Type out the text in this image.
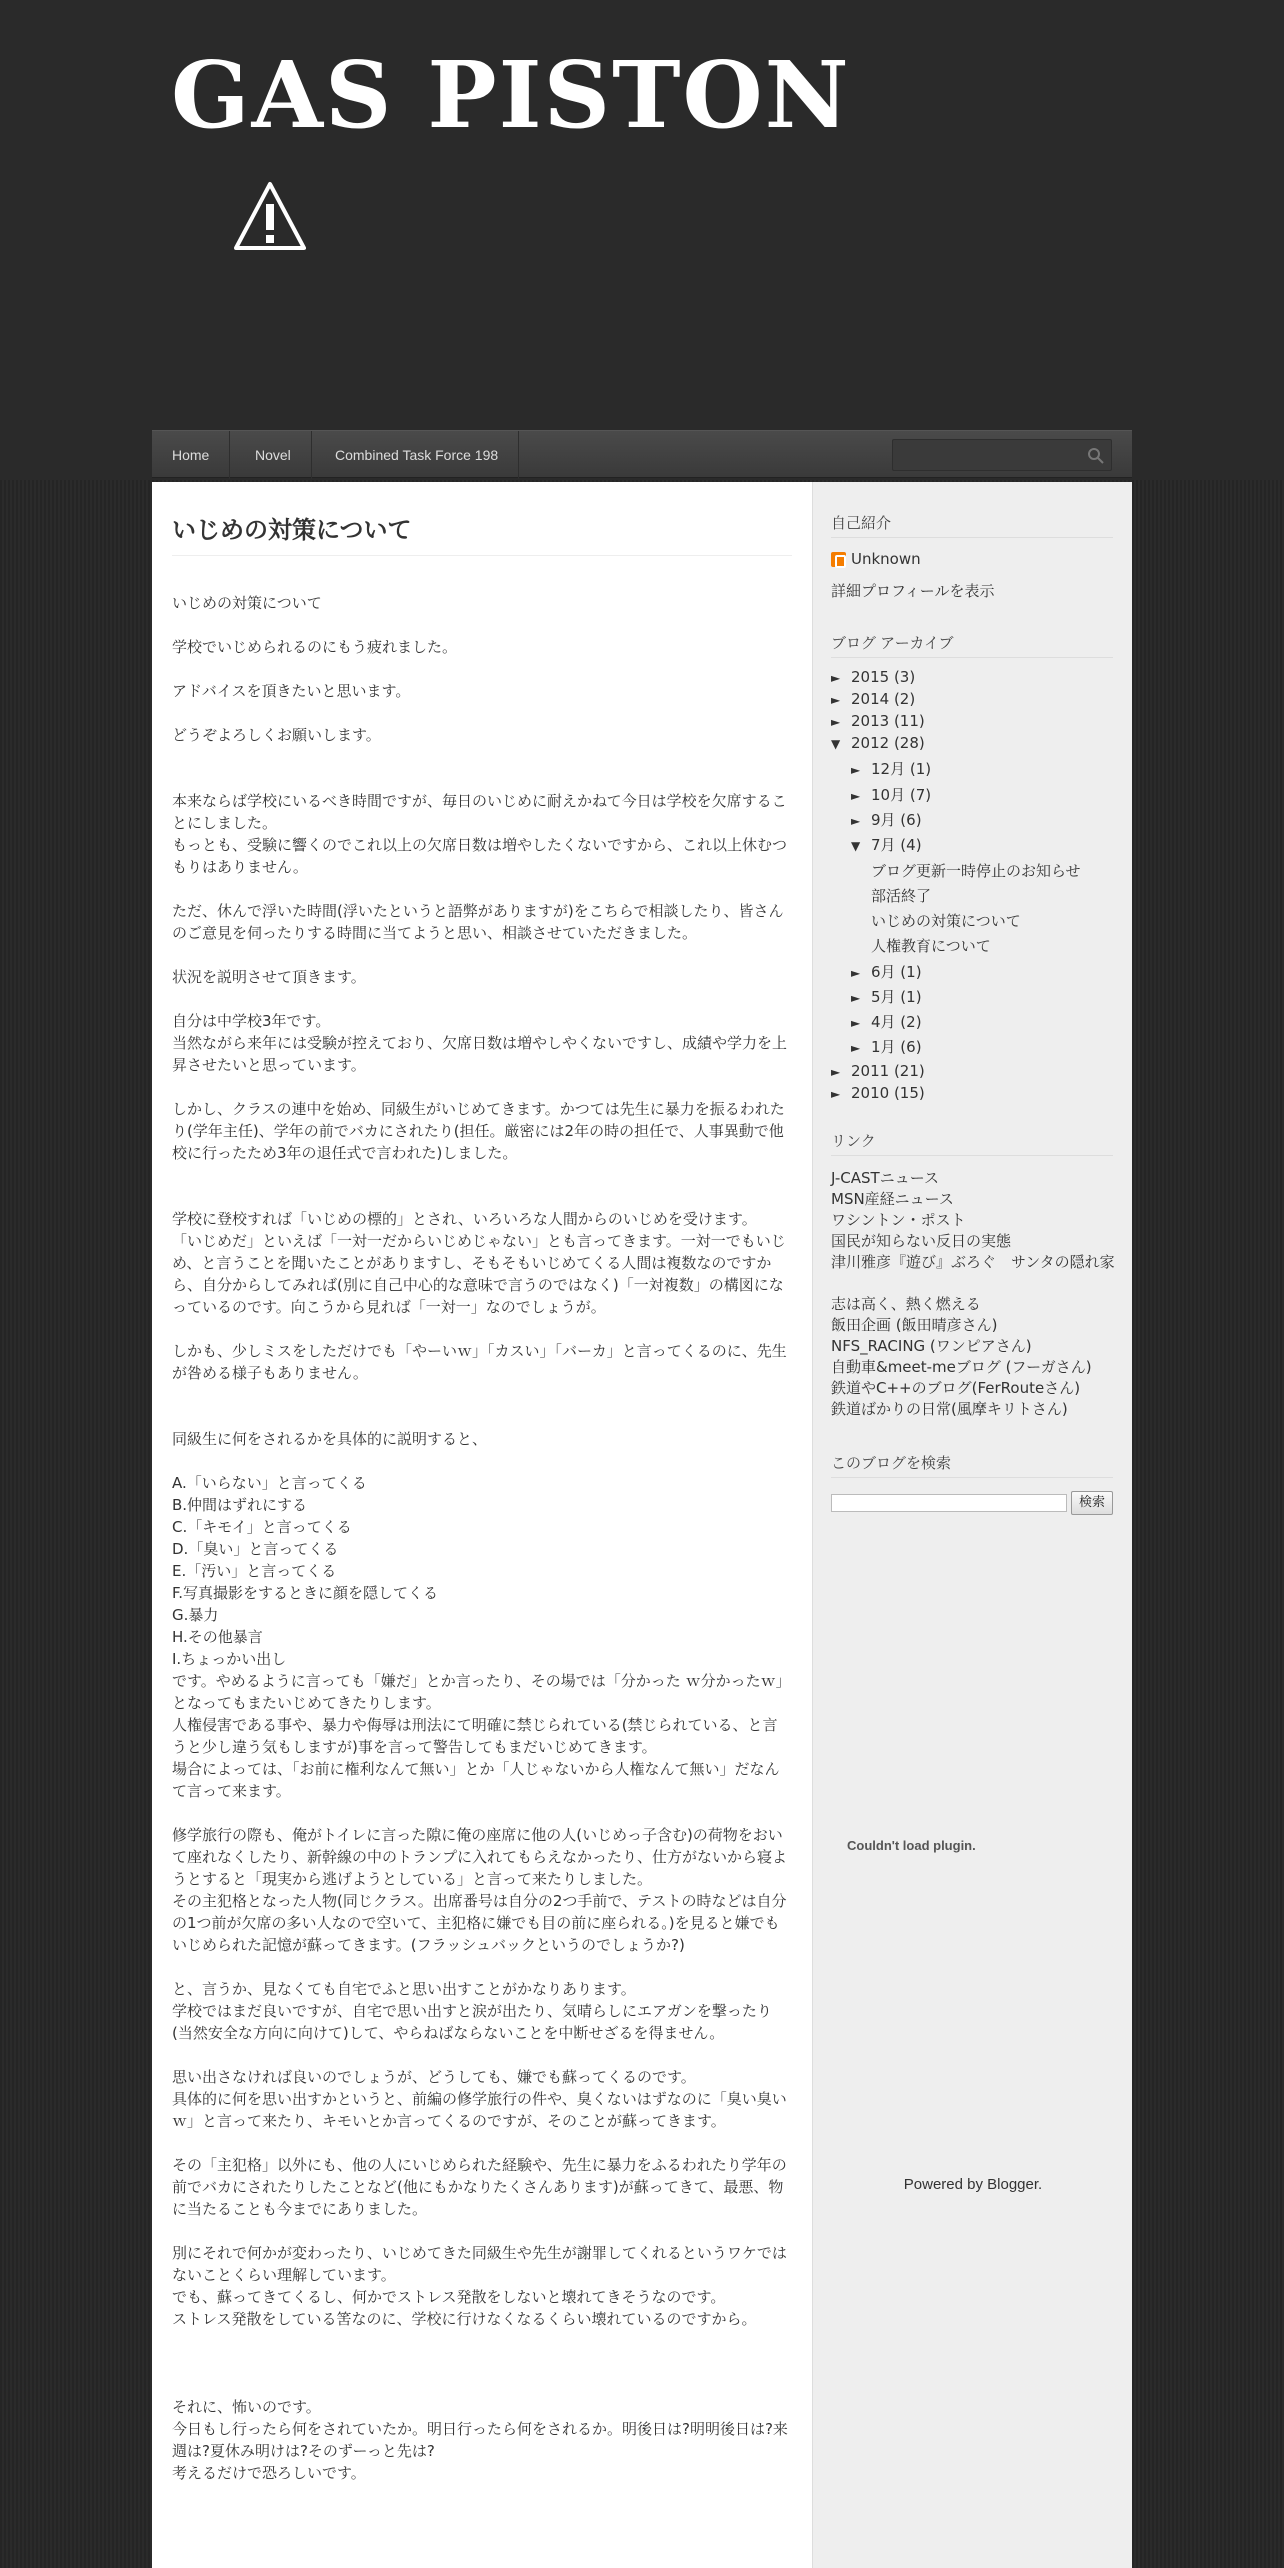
GAS PISTON
Home	Novel	Combined Task Force 198
いじめの対策について
いじめの対策について

学校でいじめられるのにもう疲れました。

アドバイスを頂きたいと思います。

どうぞよろしくお願いします。

本来ならば学校にいるべき時間ですが、毎日のいじめに耐えかねて今日は学校を欠席することにしました。
もっとも、受験に響くのでこれ以上の欠席日数は増やしたくないですから、これ以上休むつもりはありません。

ただ、休んで浮いた時間(浮いたというと語弊がありますが)をこちらで相談したり、皆さんのご意見を伺ったりする時間に当てようと思い、相談させていただきました。

状況を説明させて頂きます。

自分は中学校3年です。
当然ながら来年には受験が控えており、欠席日数は増やしやくないですし、成績や学力を上昇させたいと思っています。

しかし、クラスの連中を始め、同級生がいじめてきます。かつては先生に暴力を振るわれたり(学年主任)、学年の前でバカにされたり(担任。厳密には2年の時の担任で、人事異動で他校に行ったため3年の退任式で言われた)しました。

学校に登校すれば「いじめの標的」とされ、いろいろな人間からのいじめを受けます。
「いじめだ」といえば「一対一だからいじめじゃない」とも言ってきます。一対一でもいじめ、と言うことを聞いたことがありますし、そもそもいじめてくる人間は複数なのですから、自分からしてみれば(別に自己中心的な意味で言うのではなく)「一対複数」の構図になっているのです。向こうから見れば「一対一」なのでしょうが。

しかも、少しミスをしただけでも「やーいｗ」「カスい」「バーカ」と言ってくるのに、先生が咎める様子もありません。

同級生に何をされるかを具体的に説明すると、

A.「いらない」と言ってくる
B.仲間はずれにする
C.「キモイ」と言ってくる
D.「臭い」と言ってくる
E.「汚い」と言ってくる
F.写真撮影をするときに顔を隠してくる
G.暴力
H.その他暴言
I.ちょっかい出し
です。やめるように言っても「嫌だ」とか言ったり、その場では「分かった ｗ分かったｗ」となってもまたいじめてきたりします。
人権侵害である事や、暴力や侮辱は刑法にて明確に禁じられている(禁じられている、と言うと少し違う気もしますが)事を言って警告してもまだいじめてきます。
場合によっては、「お前に権利なんて無い」とか「人じゃないから人権なんて無い」だなんて言って来ます。

修学旅行の際も、俺がトイレに言った隙に俺の座席に他の人(いじめっ子含む)の荷物をおいて座れなくしたり、新幹線の中のトランプに入れてもらえなかったり、仕方がないから寝ようとすると「現実から逃げようとしている」と言って来たりしました。
その主犯格となった人物(同じクラス。出席番号は自分の2つ手前で、テストの時などは自分の1つ前が欠席の多い人なので空いて、主犯格に嫌でも目の前に座られる。)を見ると嫌でもいじめられた記憶が蘇ってきます。(フラッシュバックというのでしょうか?)

と、言うか、見なくても自宅でふと思い出すことがかなりあります。
学校ではまだ良いですが、自宅で思い出すと涙が出たり、気晴らしにエアガンを撃ったり(当然安全な方向に向けて)して、やらねばならないことを中断せざるを得ません。

思い出さなければ良いのでしょうが、どうしても、嫌でも蘇ってくるのです。
具体的に何を思い出すかというと、前編の修学旅行の件や、臭くないはずなのに「臭い臭いｗ」と言って来たり、キモいとか言ってくるのですが、そのことが蘇ってきます。

その「主犯格」以外にも、他の人にいじめられた経験や、先生に暴力をふるわれたり学年の前でバカにされたりしたことなど(他にもかなりたくさんあります)が蘇ってきて、最悪、物に当たることも今までにありました。

別にそれで何かが変わったり、いじめてきた同級生や先生が謝罪してくれるというワケではないことくらい理解しています。
でも、蘇ってきてくるし、何かでストレス発散をしないと壊れてきそうなのです。
ストレス発散をしている筈なのに、学校に行けなくなるくらい壊れているのですから。

それに、怖いのです。
今日もし行ったら何をされていたか。明日行ったら何をされるか。明後日は?明明後日は?来週は?夏休み明けは?そのずーっと先は?
考えるだけで恐ろしいです。
自己紹介
Unknown
詳細プロフィールを表示
ブログ アーカイブ
► 2015 (3)
► 2014 (2)
► 2013 (11)
▼ 2012 (28)
► 12月 (1)
► 10月 (7)
► 9月 (6)
▼ 7月 (4)
ブログ更新一時停止のお知らせ
部活終了
いじめの対策について
人権教育について
► 6月 (1)
► 5月 (1)
► 4月 (2)
► 1月 (6)
► 2011 (21)
► 2010 (15)
リンク
J-CASTニュース
MSN産経ニュース
ワシントン・ポスト
国民が知らない反日の実態
津川雅彦『遊び』ぶろぐ　サンタの隠れ家
志は高く、熱く燃える
飯田企画 (飯田晴彦さん)
NFS_RACING (ワンピアさん)
自動車&meet-meブログ (フーガさん)
鉄道やC++のブログ(FerRouteさん)
鉄道ばかりの日常(風摩キリトさん)
このブログを検索
検索
Couldn't load plugin.
Powered by Blogger.
